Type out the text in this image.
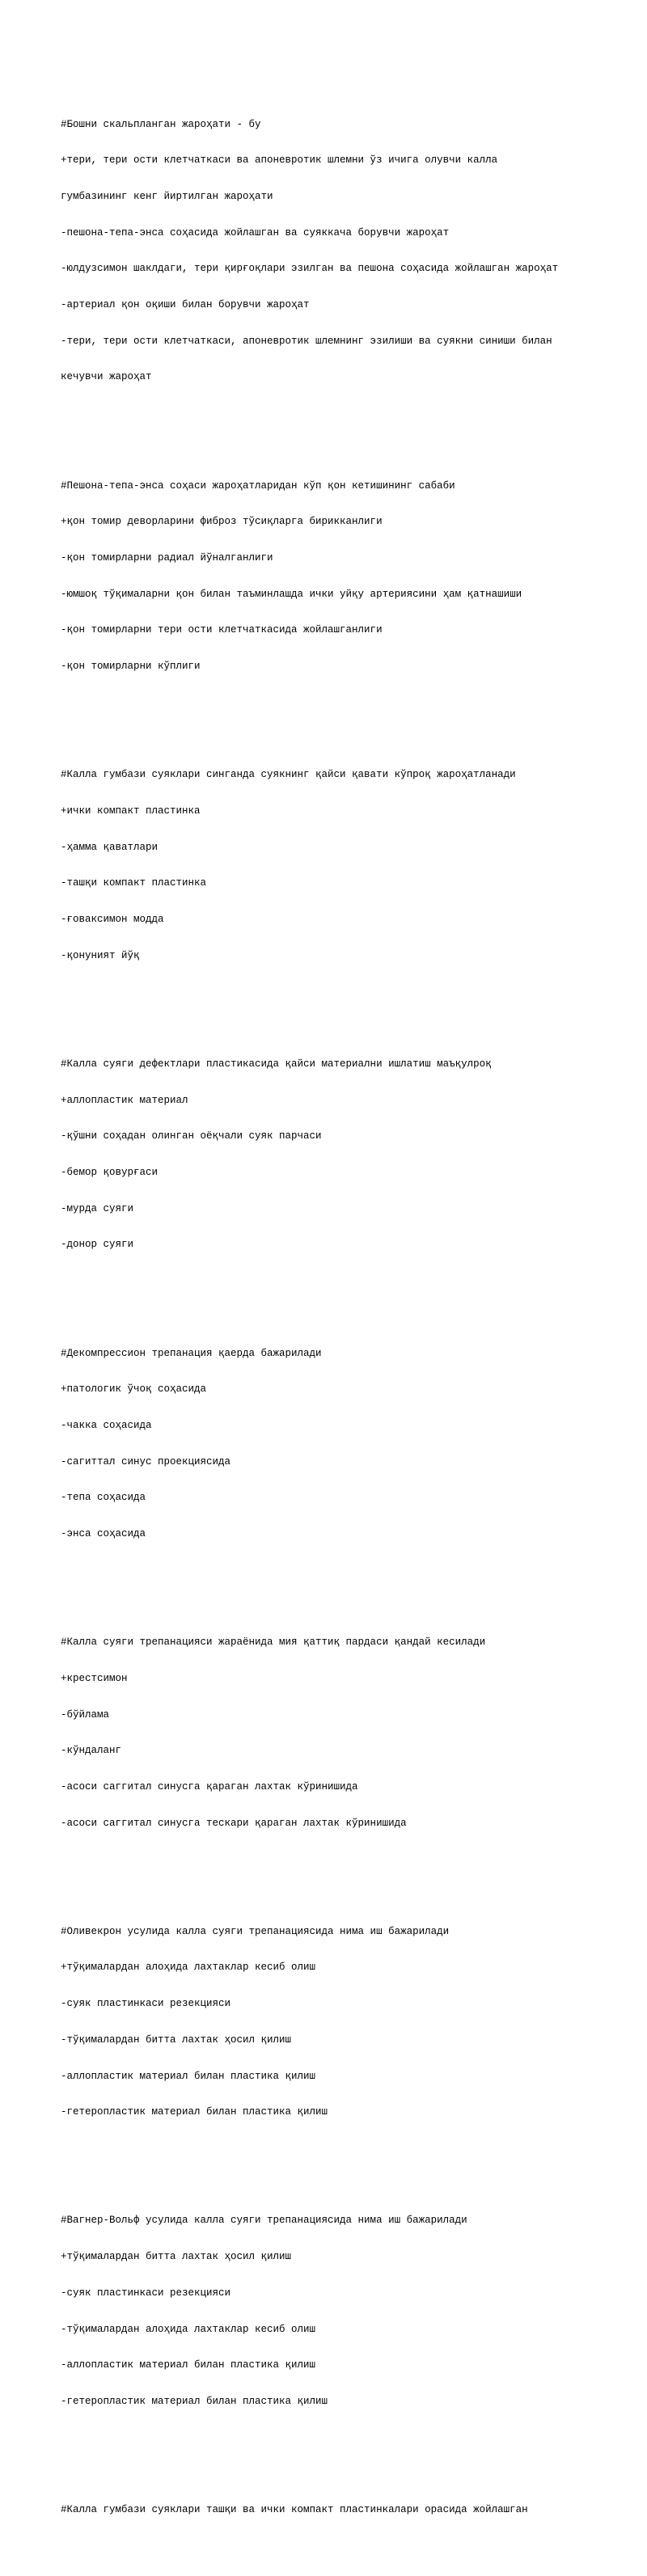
#Бошни скальпланган жароҳати - бу

+тери, тери ости клетчаткаси ва апоневротик шлемни ўз ичига олувчи калла

гумбазининг кенг йиртилган жароҳати

-пешона-тепа-энса соҳасида жойлашган ва суяккача борувчи жароҳат

-юлдузсимон шаклдаги, тери қирғоқлари эзилган ва пешона соҳасида жойлашган жароҳат

-артериал қон оқиши билан борувчи жароҳат

-тери, тери ости клетчаткаси, апоневротик шлемнинг эзилиши ва суякни синиши билан

кечувчи жароҳат

#Пешона-тепа-энса соҳаси жароҳатларидан кўп қон кетишининг сабаби

+қон томир деворларини фиброз тўсиқларга бирикканлиги

-қон томирларни радиал йўналганлиги

-юмшоқ тўқималарни қон билан таъминлашда ички уйқу артериясини ҳам қатнашиши

-қон томирларни тери ости клетчаткасида жойлашганлиги

-қон томирларни кўплиги

#Калла гумбази суяклари синганда суякнинг қайси қавати кўпроқ жароҳатланади

+ички компакт пластинка

-ҳамма қаватлари

-ташқи компакт пластинка

-ғоваксимон модда

-қонуният йўқ

#Калла суяги дефектлари пластикасида қайси материални ишлатиш маъқулроқ

+аллопластик материал

-қўшни соҳадан олинган оёқчали суяк парчаси

-бемор қовурғаси

-мурда суяги

-донор суяги

#Декомпрессион трепанация қаерда бажарилади

+патологик ўчоқ соҳасида

-чакка соҳасида

-сагиттал синус проекциясида

-тепа соҳасида

-энса соҳасида

#Калла суяги трепанацияси жараёнида мия қаттиқ пардаси қандай кесилади

+крестсимон

-бўйлама

-кўндаланг

-асоси саггитал синусга қараган лахтак кўринишида

-асоси саггитал синусга тескари қараган лахтак кўринишида

#Оливекрон усулида калла суяги трепанациясида нима иш бажарилади

+тўқималардан алоҳида лахтаклар кесиб олиш

-суяк пластинкаси резекцияси

-тўқималардан битта лахтак ҳосил қилиш

-аллопластик материал билан пластика қилиш

-гетеропластик материал билан пластика қилиш

#Вагнер-Вольф усулида калла суяги трепанациясида нима иш бажарилади

+тўқималардан битта лахтак ҳосил қилиш

-суяк пластинкаси резекцияси

-тўқималардан алоҳида лахтаклар кесиб олиш

-аллопластик материал билан пластика қилиш

-гетеропластик материал билан пластика қилиш

#Калла гумбази суяклари ташқи ва ички компакт пластинкалари орасида жойлашган
